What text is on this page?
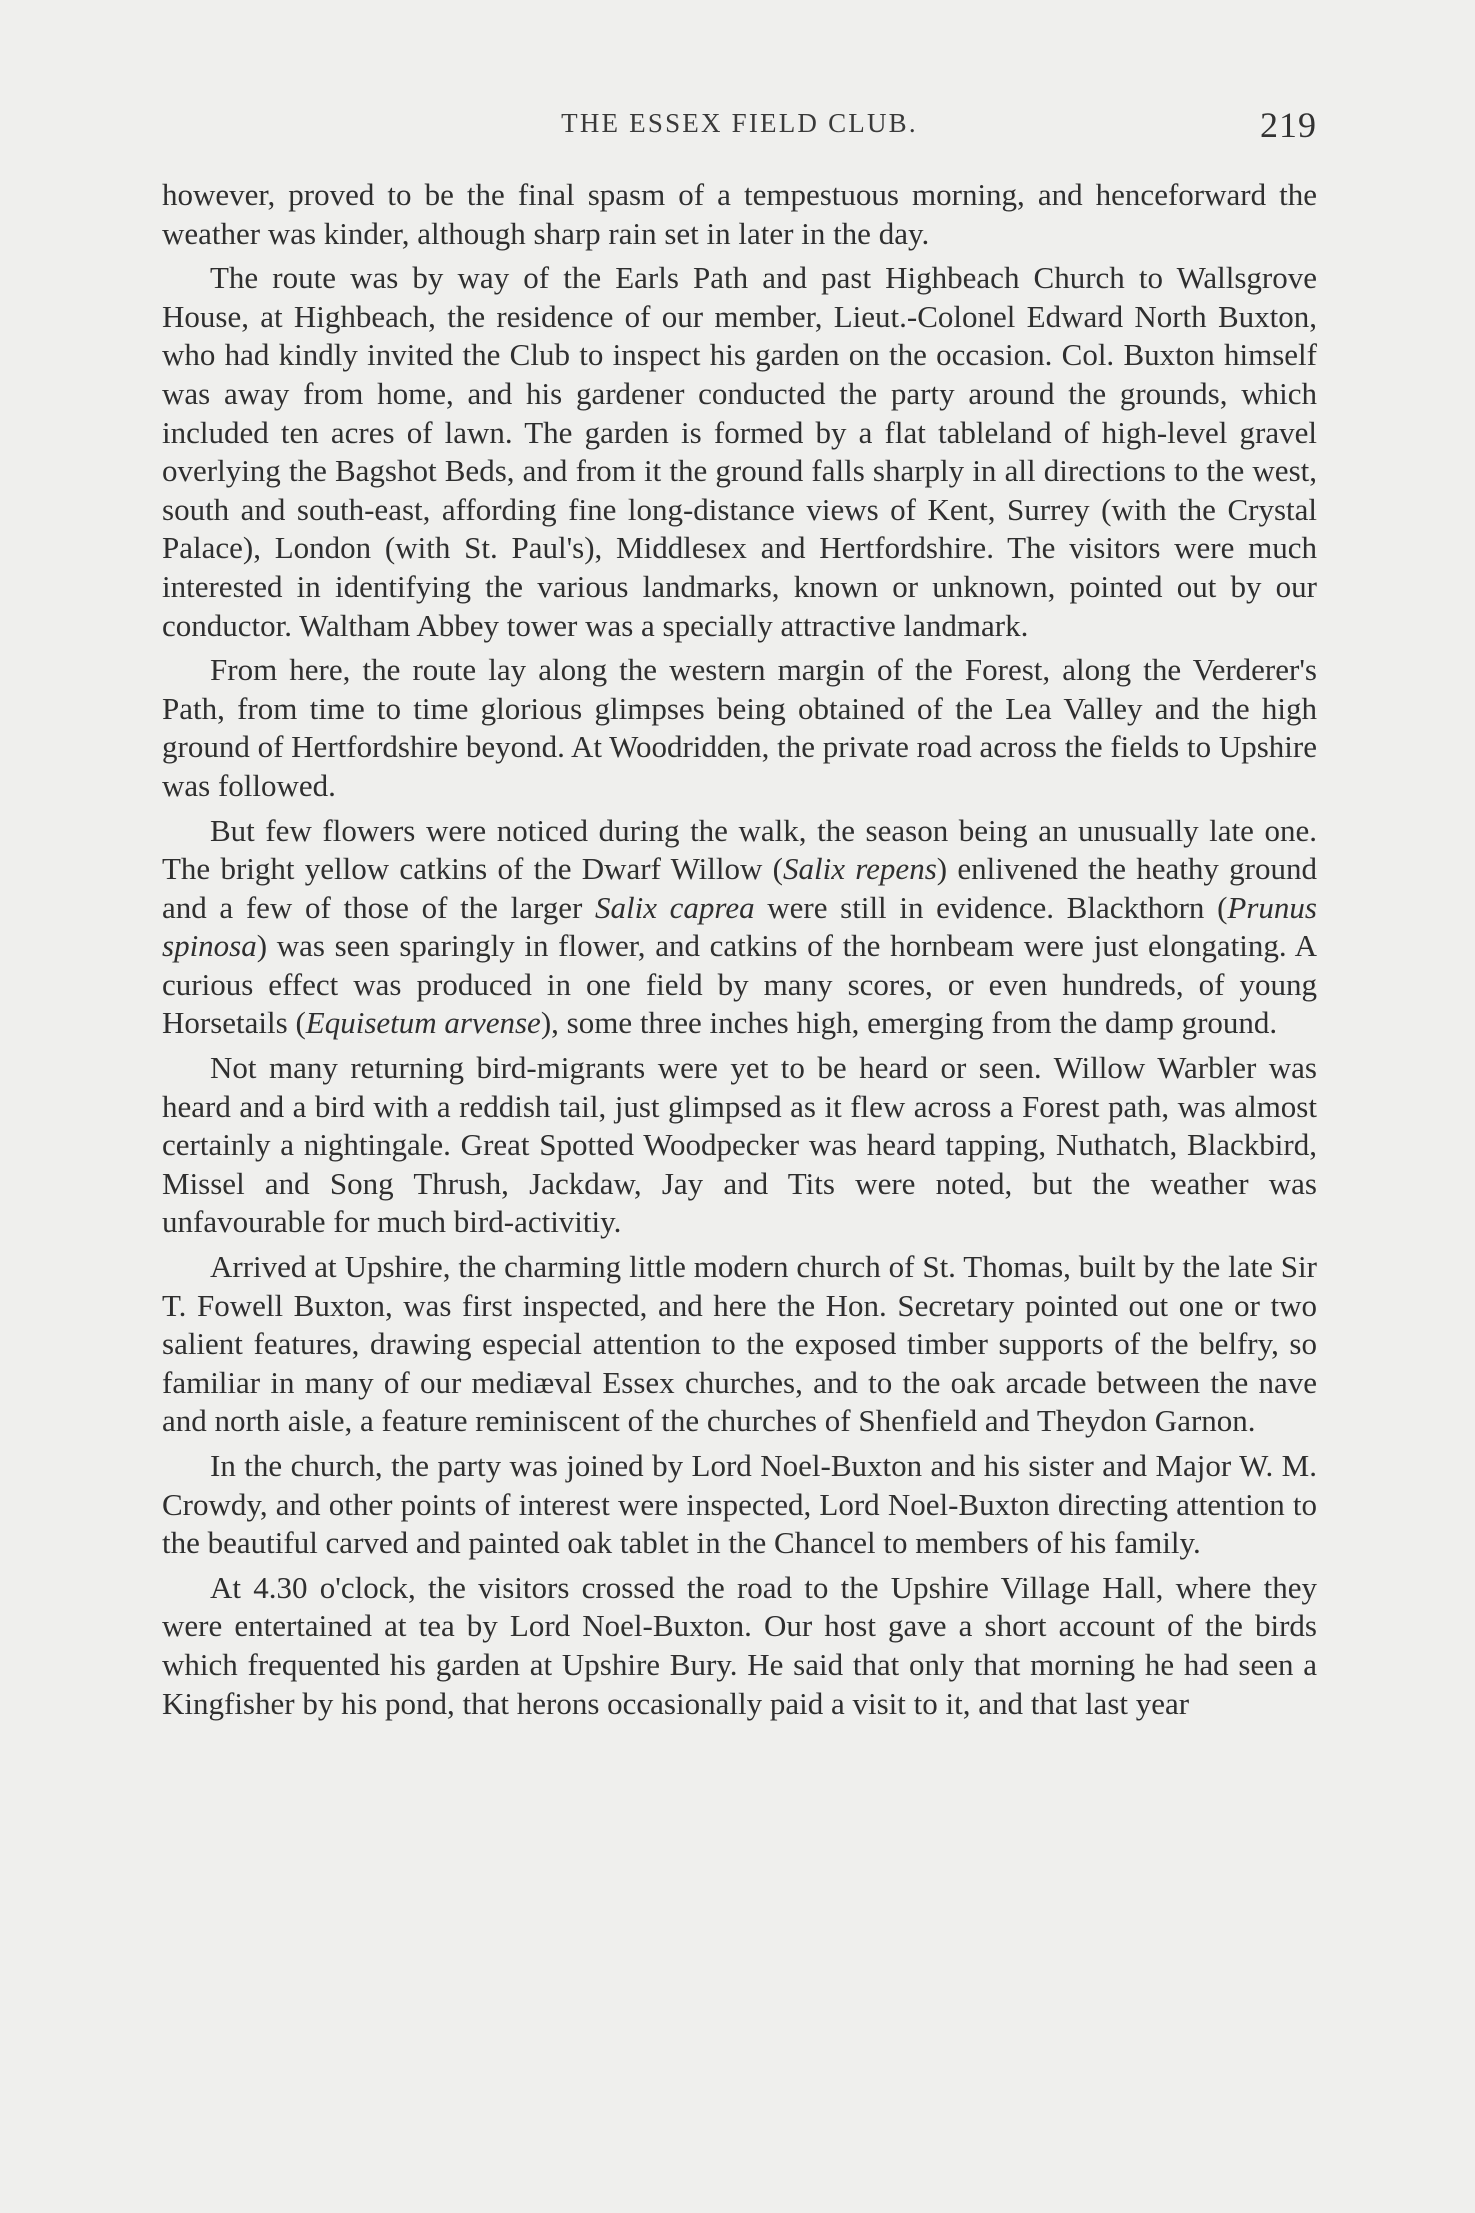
THE ESSEX FIELD CLUB.	219

however, proved to be the final spasm of a tempestuous morning, and henceforward the weather was kinder, although sharp rain set in later in the day.

The route was by way of the Earls Path and past Highbeach Church to Wallsgrove House, at Highbeach, the residence of our member, Lieut.-Colonel Edward North Buxton, who had kindly invited the Club to inspect his garden on the occasion. Col. Buxton himself was away from home, and his gardener conducted the party around the grounds, which included ten acres of lawn. The garden is formed by a flat tableland of high-level gravel overlying the Bagshot Beds, and from it the ground falls sharply in all directions to the west, south and south-east, affording fine long-distance views of Kent, Surrey (with the Crystal Palace), London (with St. Paul's), Middlesex and Hertfordshire. The visitors were much interested in identifying the various landmarks, known or unknown, pointed out by our conductor. Waltham Abbey tower was a specially attractive landmark.

From here, the route lay along the western margin of the Forest, along the Verderer's Path, from time to time glorious glimpses being obtained of the Lea Valley and the high ground of Hertfordshire beyond. At Woodridden, the private road across the fields to Upshire was followed.

But few flowers were noticed during the walk, the season being an unusually late one. The bright yellow catkins of the Dwarf Willow (Salix repens) enlivened the heathy ground and a few of those of the larger Salix caprea were still in evidence. Blackthorn (Prunus spinosa) was seen sparingly in flower, and catkins of the hornbeam were just elongating. A curious effect was produced in one field by many scores, or even hundreds, of young Horsetails (Equisetum arvense), some three inches high, emerging from the damp ground.

Not many returning bird-migrants were yet to be heard or seen. Willow Warbler was heard and a bird with a reddish tail, just glimpsed as it flew across a Forest path, was almost certainly a nightingale. Great Spotted Woodpecker was heard tapping, Nuthatch, Blackbird, Missel and Song Thrush, Jackdaw, Jay and Tits were noted, but the weather was unfavourable for much bird-activitiy.

Arrived at Upshire, the charming little modern church of St. Thomas, built by the late Sir T. Fowell Buxton, was first inspected, and here the Hon. Secretary pointed out one or two salient features, drawing especial attention to the exposed timber supports of the belfry, so familiar in many of our mediæval Essex churches, and to the oak arcade between the nave and north aisle, a feature reminiscent of the churches of Shenfield and Theydon Garnon.

In the church, the party was joined by Lord Noel-Buxton and his sister and Major W. M. Crowdy, and other points of interest were inspected, Lord Noel-Buxton directing attention to the beautiful carved and painted oak tablet in the Chancel to members of his family.

At 4.30 o'clock, the visitors crossed the road to the Upshire Village Hall, where they were entertained at tea by Lord Noel-Buxton. Our host gave a short account of the birds which frequented his garden at Upshire Bury. He said that only that morning he had seen a Kingfisher by his pond, that herons occasionally paid a visit to it, and that last year
